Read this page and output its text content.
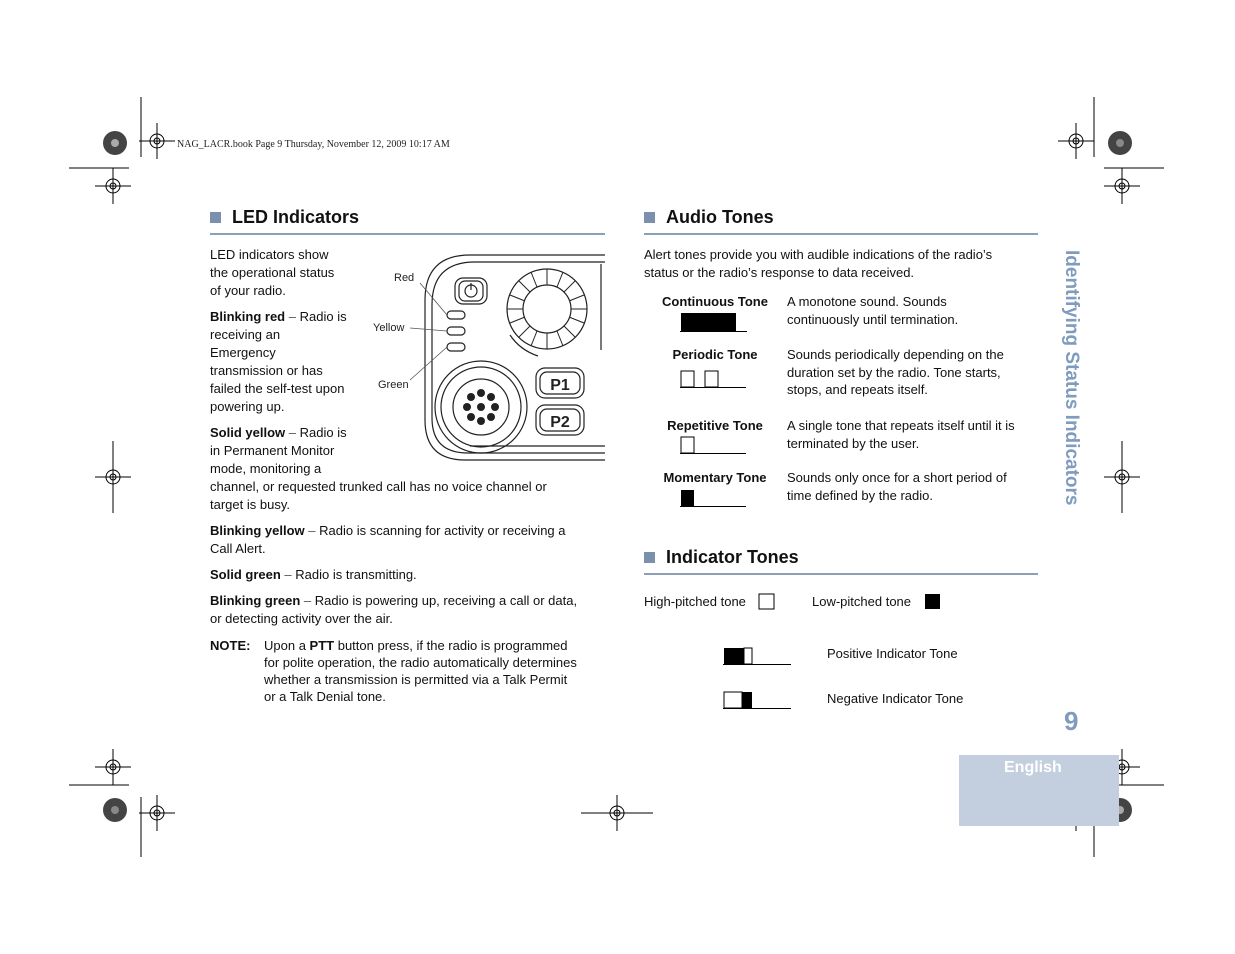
NAG_LACR.book Page 9 Thursday, November 12, 2009 10:17 AM
LED Indicators

LED indicators show
the operational status
of your radio.

Blinking red – Radio is
receiving an
Emergency
transmission or has
failed the self-test upon
powering up.

Solid yellow – Radio is
in Permanent Monitor
mode, monitoring a
channel, or requested trunked call has no voice channel or
target is busy.

Blinking yellow – Radio is scanning for activity or receiving a
Call Alert.

Solid green – Radio is transmitting.

Blinking green – Radio is powering up, receiving a call or data,
or detecting activity over the air.

NOTE: Upon a PTT button press, if the radio is programmed
for polite operation, the radio automatically determines
whether a transmission is permitted via a Talk Permit
or a Talk Denial tone.
P1
P2
Red
Yellow
Green
Audio Tones
Alert tones provide you with audible indications of the radio’s
status or the radio’s response to data received.
Continuous Tone	A monotone sound. Sounds
continuously until termination.
Periodic Tone	Sounds periodically depending on the
duration set by the radio. Tone starts,
stops, and repeats itself.
Repetitive Tone	A single tone that repeats itself until it is
terminated by the user.
Momentary Tone	Sounds only once for a short period of
time defined by the radio.
Indicator Tones
High-pitched tone	Low-pitched tone
Positive Indicator Tone
Negative Indicator Tone
Identifying Status Indicators
9
English
